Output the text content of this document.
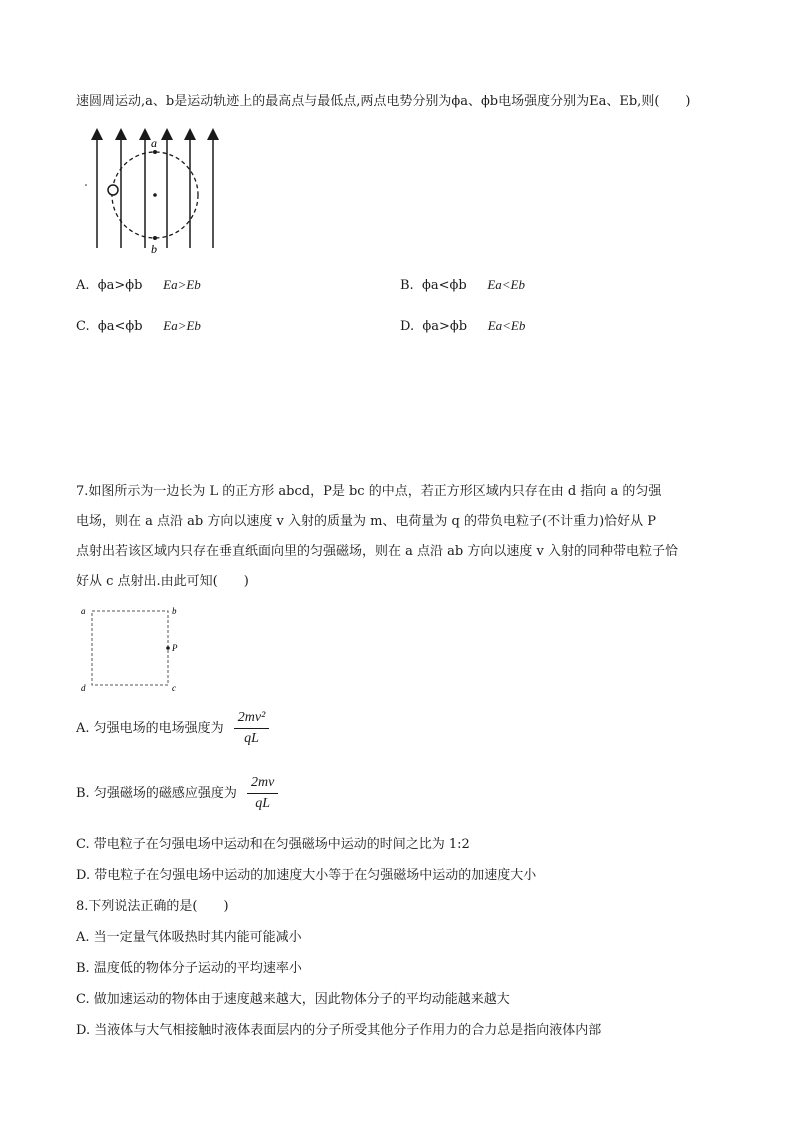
速圆周运动,a、b是运动轨迹上的最高点与最低点,两点电势分别为ϕa、ϕb电场强度分别为Ea、Eb,则(　　)
a
b
A. ϕa>ϕb Ea>Eb	B. ϕa<ϕb Ea<Eb
C. ϕa<ϕb Ea>Eb	D. ϕa>ϕb Ea<Eb
7.如图所示为一边长为 L 的正方形 abcd，P是 bc 的中点，若正方形区域内只存在由 d 指向 a 的匀强
电场，则在 a 点沿 ab 方向以速度 v 入射的质量为 m、电荷量为 q 的带负电粒子(不计重力)恰好从 P
点射出若该区域内只存在垂直纸面向里的匀强磁场，则在 a 点沿 ab 方向以速度 v 入射的同种带电粒子恰
好从 c 点射出.由此可知(　　)
a	b
c
d
P
A. 匀强电场的电场强度为 $\frac{\text{2mv²}}{qL}$
B. 匀强磁场的磁感应强度为 $\frac{2mv}{qL}$
C. 带电粒子在匀强电场中运动和在匀强磁场中运动的时间之比为 1:2
D. 带电粒子在匀强电场中运动的加速度大小等于在匀强磁场中运动的加速度大小
8.下列说法正确的是(　　)
A. 当一定量气体吸热时其内能可能减小
B. 温度低的物体分子运动的平均速率小
C. 做加速运动的物体由于速度越来越大，因此物体分子的平均动能越来越大
D. 当液体与大气相接触时液体表面层内的分子所受其他分子作用力的合力总是指向液体内部
